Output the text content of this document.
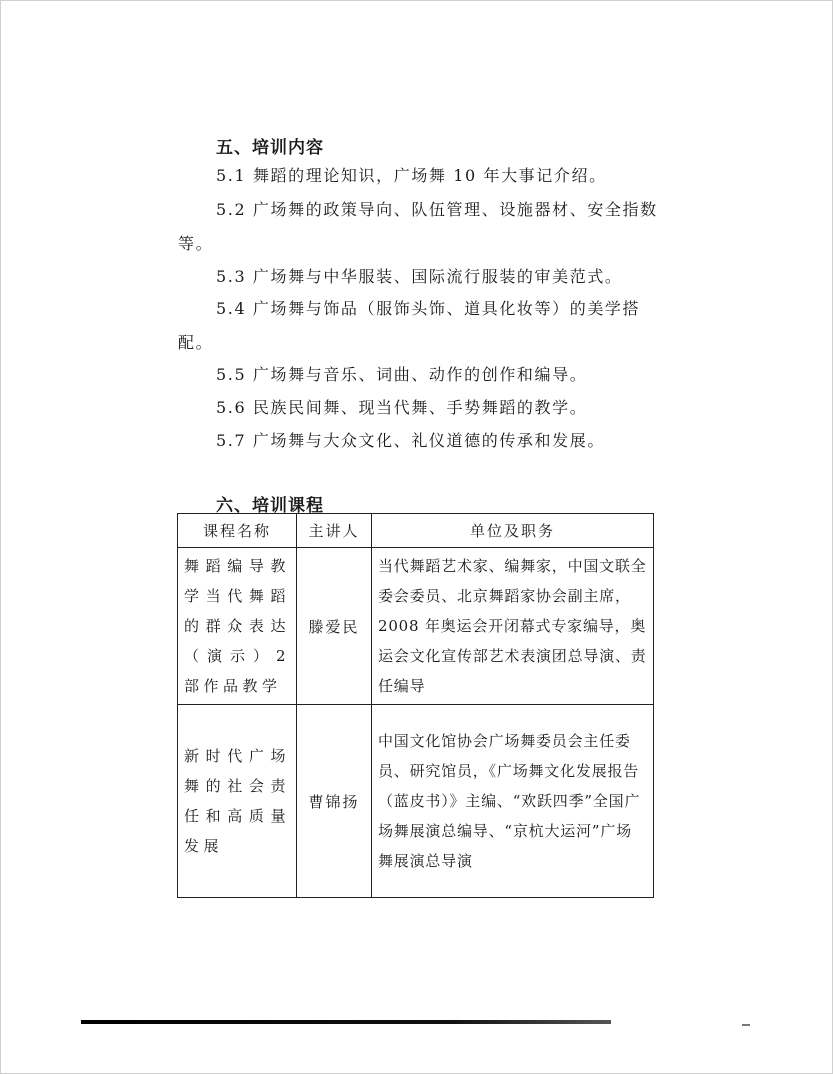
五、培训内容

5.1 舞蹈的理论知识，广场舞 10 年大事记介绍。

5.2 广场舞的政策导向、队伍管理、设施器材、安全指数等。

5.3 广场舞与中华服装、国际流行服装的审美范式。

5.4 广场舞与饰品（服饰头饰、道具化妆等）的美学搭配。

5.5 广场舞与音乐、词曲、动作的创作和编导。

5.6 民族民间舞、现当代舞、手势舞蹈的教学。

5.7 广场舞与大众文化、礼仪道德的传承和发展。

六、培训课程
课程名称	主讲人	单位及职务
舞蹈编导教学当代舞蹈的群众表达（演示）2 部作品教学	滕爱民	当代舞蹈艺术家、编舞家，中国文联全委会委员、北京舞蹈家协会副主席，2008 年奥运会开闭幕式专家编导，奥运会文化宣传部艺术表演团总导演、责任编导
新时代广场舞的社会责任和高质量发展	曹锦扬	中国文化馆协会广场舞委员会主任委员、研究馆员，《广场舞文化发展报告（蓝皮书）》主编、“欢跃四季”全国广场舞展演总编导、“京杭大运河”广场舞展演总导演
